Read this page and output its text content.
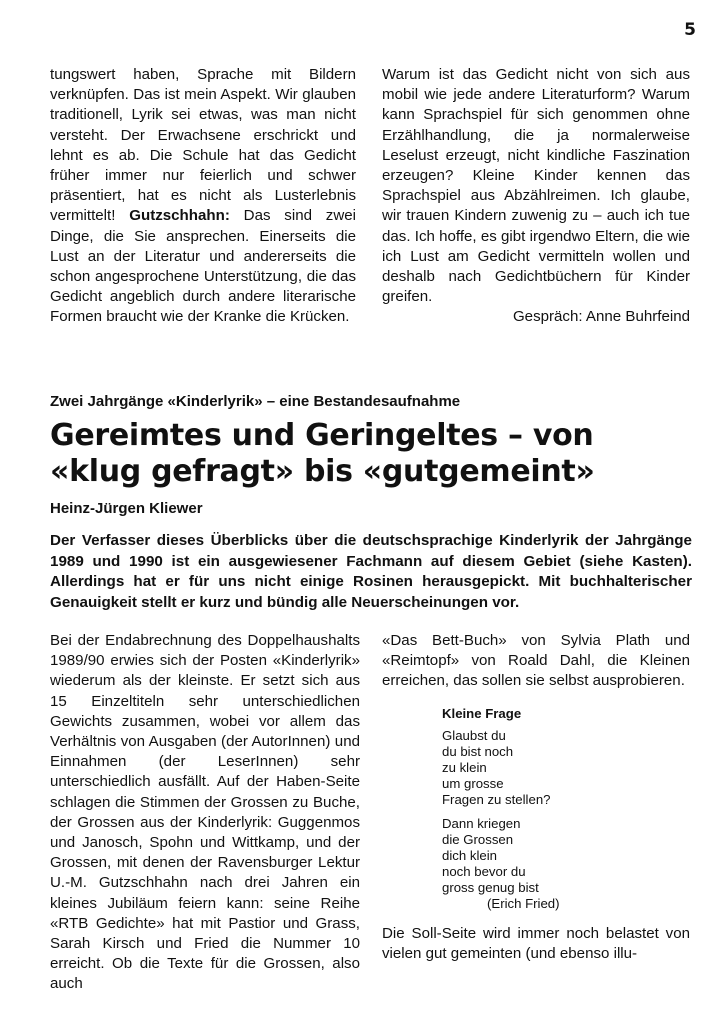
5

tungswert haben, Sprache mit Bildern verknüpfen. Das ist mein Aspekt. Wir glauben traditionell, Lyrik sei etwas, was man nicht versteht. Der Erwachsene erschrickt und lehnt es ab. Die Schule hat das Gedicht früher immer nur feierlich und schwer präsentiert, hat es nicht als Lusterlebnis vermittelt! Gutzschhahn: Das sind zwei Dinge, die Sie ansprechen. Einerseits die Lust an der Literatur und andererseits die schon angesprochene Unterstützung, die das Gedicht angeblich durch andere literarische Formen braucht wie der Kranke die Krücken.

Warum ist das Gedicht nicht von sich aus mobil wie jede andere Literaturform? Warum kann Sprachspiel für sich genommen ohne Erzählhandlung, die ja normalerweise Leselust erzeugt, nicht kindliche Faszination erzeugen? Kleine Kinder kennen das Sprachspiel aus Abzählreimen. Ich glaube, wir trauen Kindern zuwenig zu – auch ich tue das. Ich hoffe, es gibt irgendwo Eltern, die wie ich Lust am Gedicht vermitteln wollen und deshalb nach Gedichtbüchern für Kinder greifen.

Gespräch: Anne Buhrfeind

Zwei Jahrgänge «Kinderlyrik» – eine Bestandesaufnahme
Gereimtes und Geringeltes – von
«klug gefragt» bis «gutgemeint»
Heinz-Jürgen Kliewer

Der Verfasser dieses Überblicks über die deutschsprachige Kinderlyrik der Jahrgänge 1989 und 1990 ist ein ausgewiesener Fachmann auf diesem Gebiet (siehe Kasten). Allerdings hat er für uns nicht einige Rosinen herausgepickt. Mit buchhalterischer Genauigkeit stellt er kurz und bündig alle Neuerscheinungen vor.

Bei der Endabrechnung des Doppelhaushalts 1989/90 erwies sich der Posten «Kinderlyrik» wiederum als der kleinste. Er setzt sich aus 15 Einzeltiteln sehr unterschiedlichen Gewichts zusammen, wobei vor allem das Verhältnis von Ausgaben (der AutorInnen) und Einnahmen (der LeserInnen) sehr unterschiedlich ausfällt. Auf der Haben-Seite schlagen die Stimmen der Grossen zu Buche, der Grossen aus der Kinderlyrik: Guggenmos und Janosch, Spohn und Wittkamp, und der Grossen, mit denen der Ravensburger Lektur U.-M. Gutzschhahn nach drei Jahren ein kleines Jubiläum feiern kann: seine Reihe «RTB Gedichte» hat mit Pastior und Grass, Sarah Kirsch und Fried die Nummer 10 erreicht. Ob die Texte für die Grossen, also auch

«Das Bett-Buch» von Sylvia Plath und «Reimtopf» von Roald Dahl, die Kleinen erreichen, das sollen sie selbst ausprobieren.

Kleine Frage
Glaubst du
du bist noch
zu klein
um grosse
Fragen zu stellen?
Dann kriegen
die Grossen
dich klein
noch bevor du
gross genug bist
(Erich Fried)

Die Soll-Seite wird immer noch belastet von vielen gut gemeinten (und ebenso illu-
